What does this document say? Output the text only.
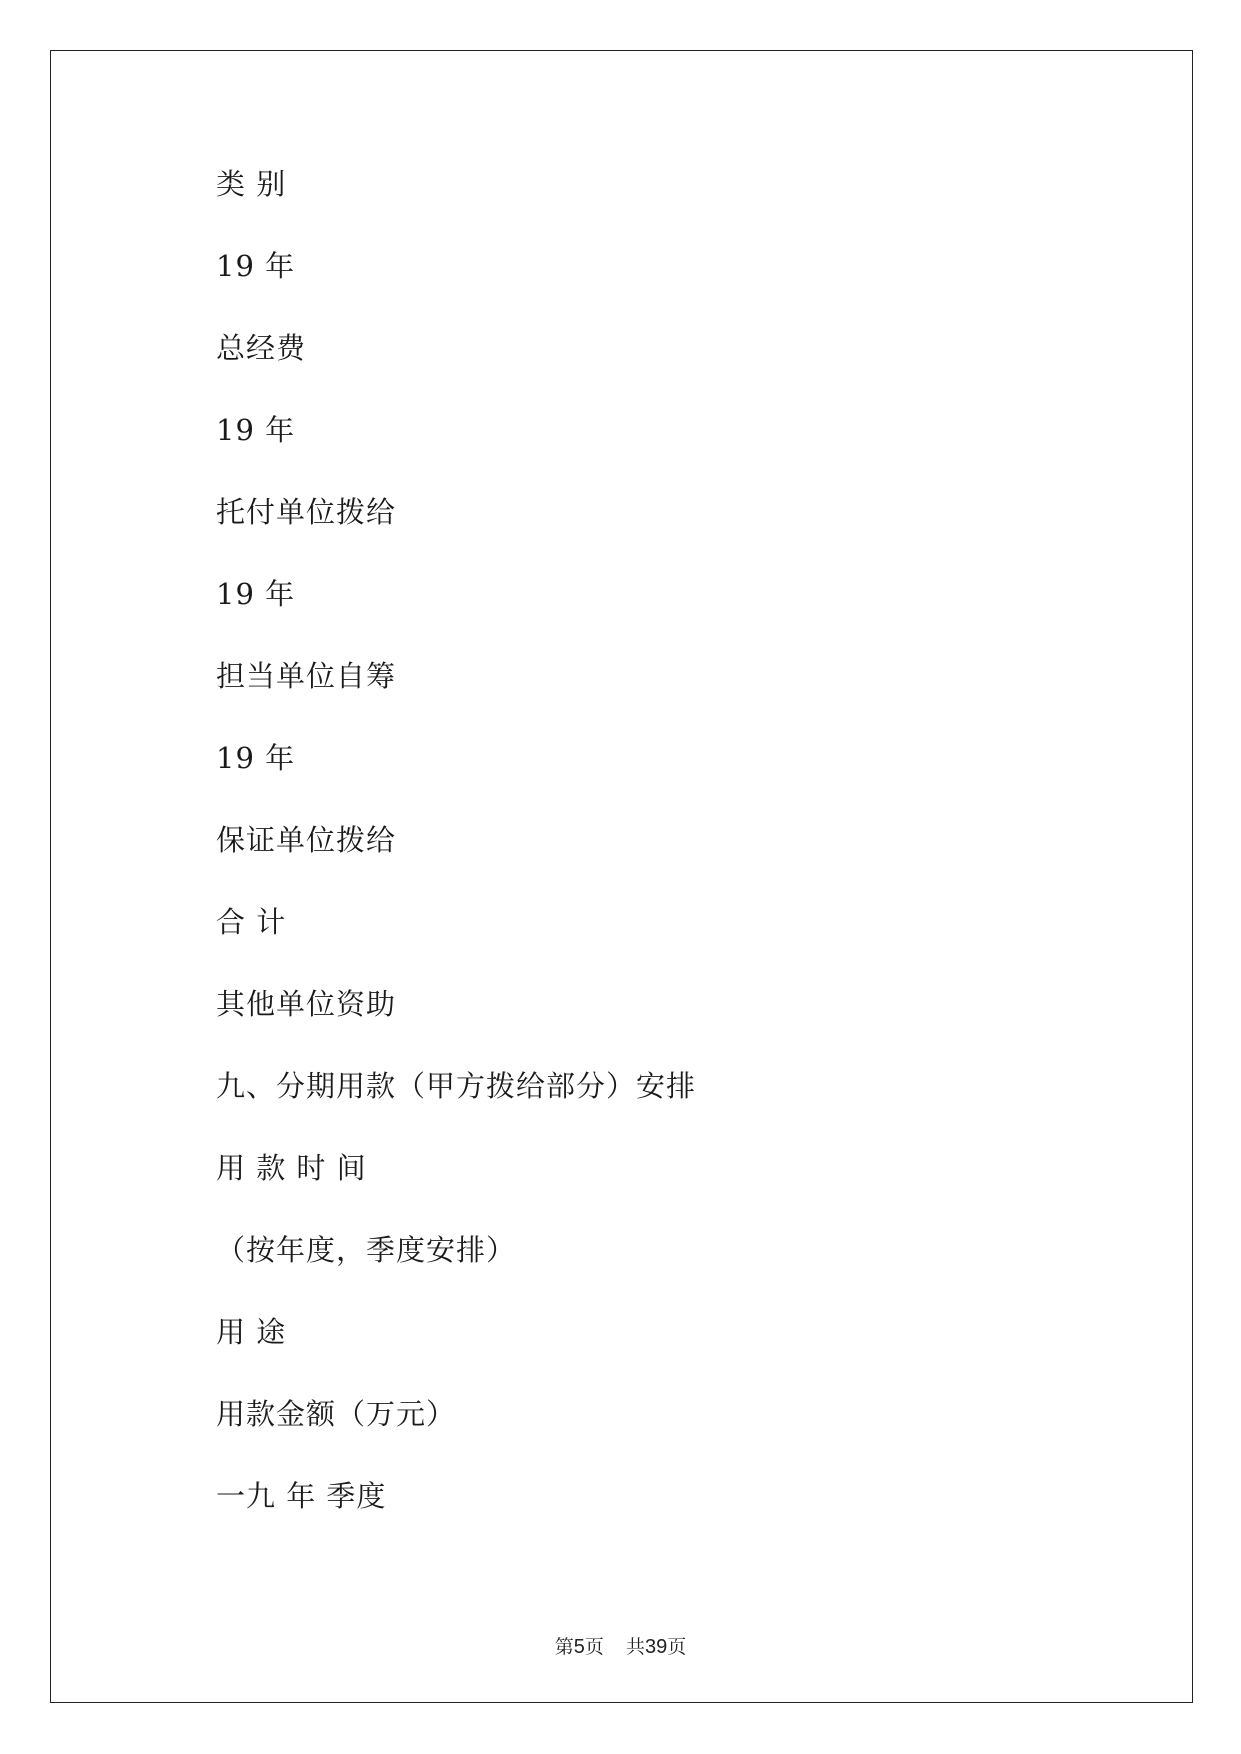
类 别
19 年
总经费
19 年
托付单位拨给
19 年
担当单位自筹
19 年
保证单位拨给
合 计
其他单位资助
九、分期用款（甲方拨给部分）安排
用 款 时 间
（按年度，季度安排）
用 途
用款金额（万元）
一九 年 季度
第5页 共39页
